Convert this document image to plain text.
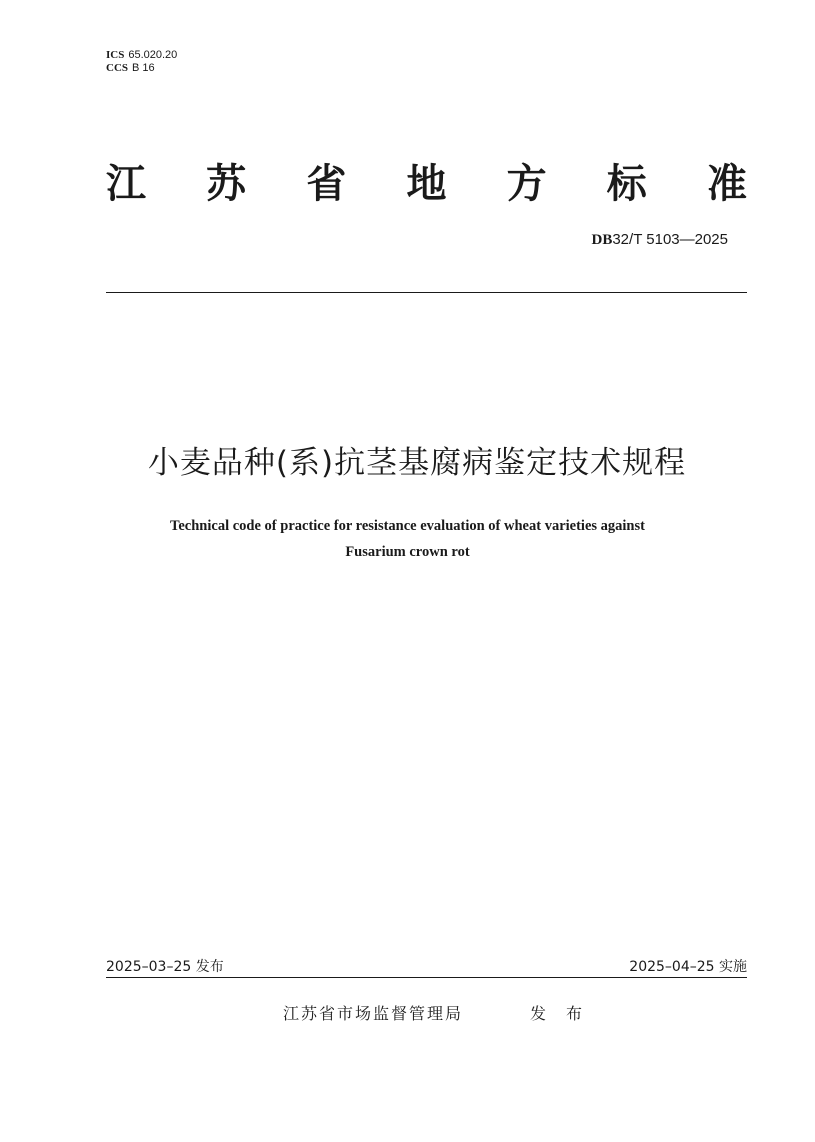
ICS 65.020.20
CCS B 16
江 苏 省 地 方 标 准
DB32/T 5103—2025
小麦品种(系)抗茎基腐病鉴定技术规程
Technical code of practice for resistance evaluation of wheat varieties against
Fusarium crown rot
2025–03–25 发布	2025–04–25 实施
江苏省市场监督管理局	发布
